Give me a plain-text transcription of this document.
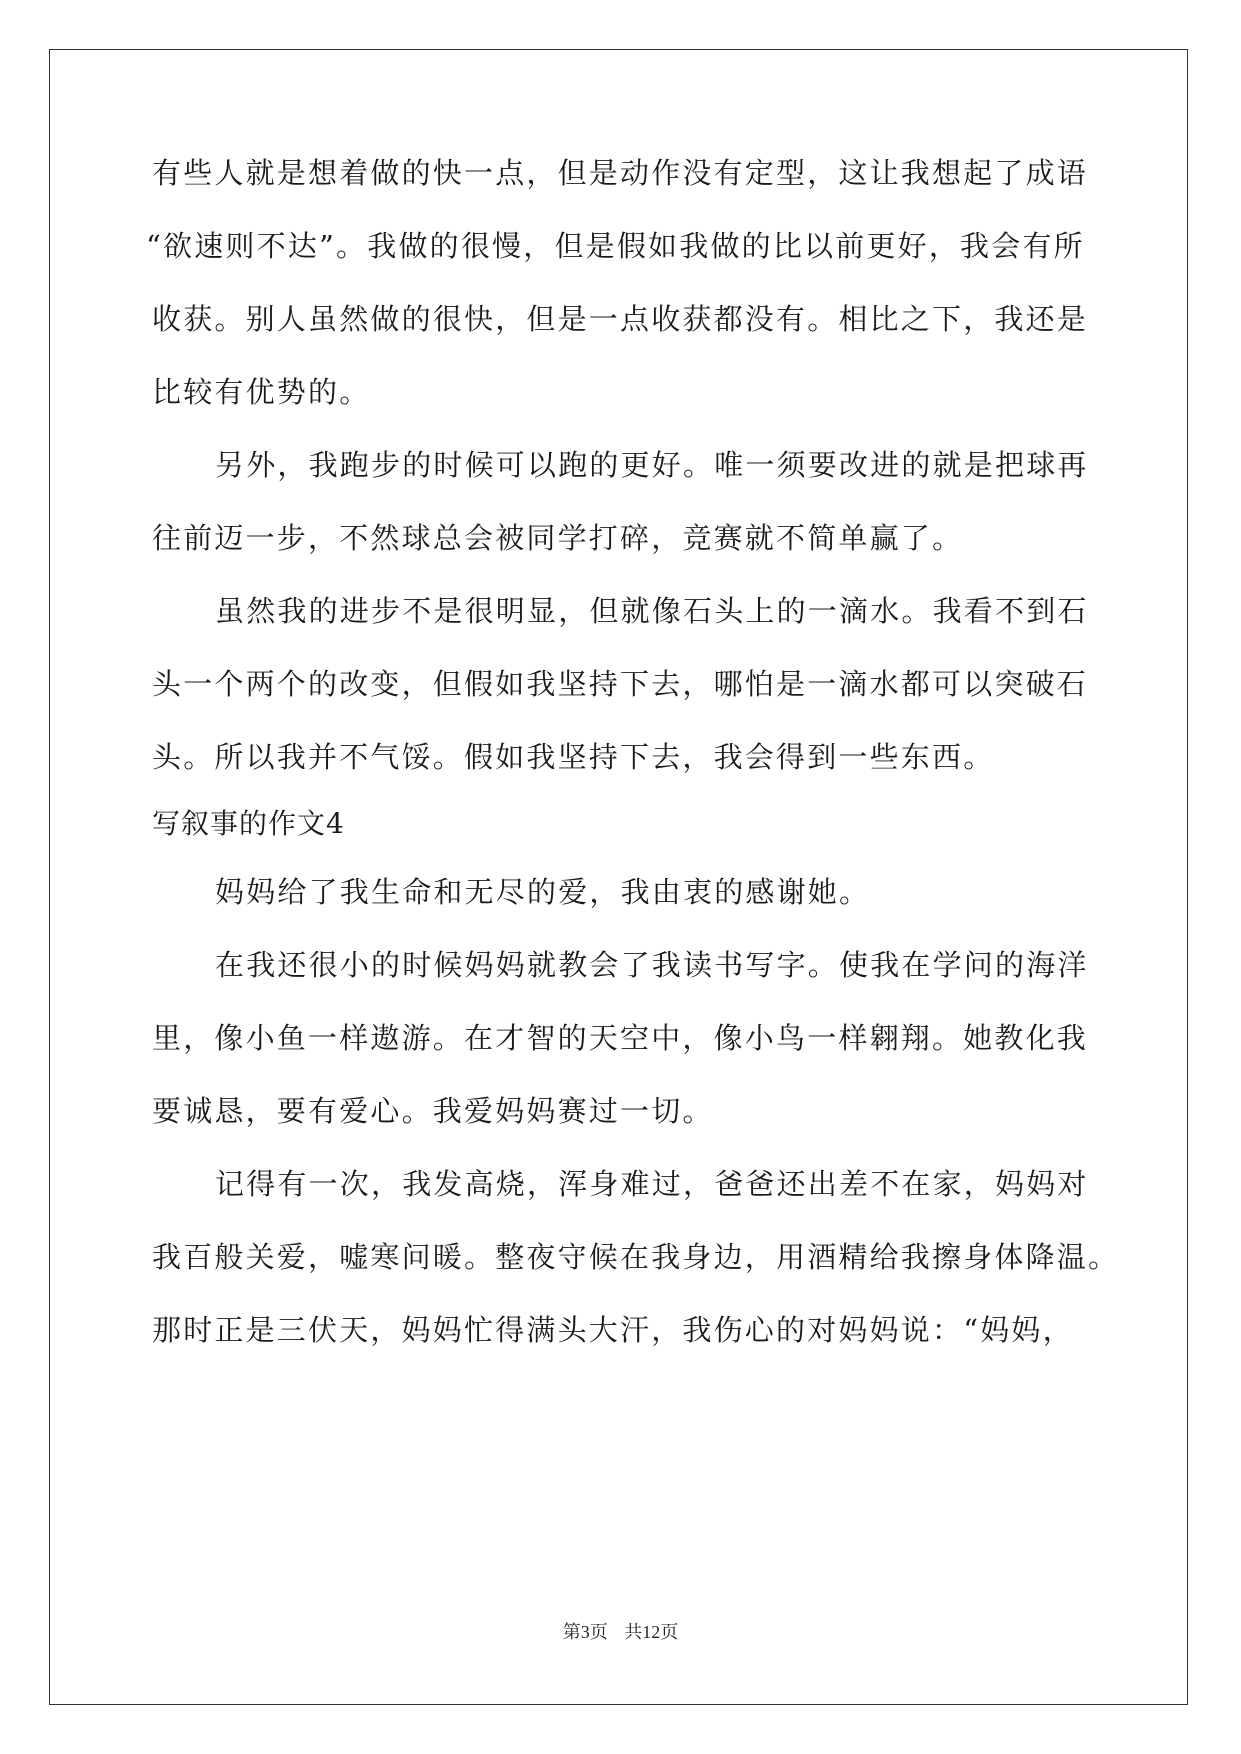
有些人就是想着做的快一点，但是动作没有定型，这让我想起了成语
“欲速则不达”。我做的很慢，但是假如我做的比以前更好，我会有所
收获。别人虽然做的很快，但是一点收获都没有。相比之下，我还是
比较有优势的。
另外，我跑步的时候可以跑的更好。唯一须要改进的就是把球再
往前迈一步，不然球总会被同学打碎，竞赛就不简单赢了。
虽然我的进步不是很明显，但就像石头上的一滴水。我看不到石
头一个两个的改变，但假如我坚持下去，哪怕是一滴水都可以突破石
头。所以我并不气馁。假如我坚持下去，我会得到一些东西。
写叙事的作文4
妈妈给了我生命和无尽的爱，我由衷的感谢她。
在我还很小的时候妈妈就教会了我读书写字。使我在学问的海洋
里，像小鱼一样遨游。在才智的天空中，像小鸟一样翱翔。她教化我
要诚恳，要有爱心。我爱妈妈赛过一切。
记得有一次，我发高烧，浑身难过，爸爸还出差不在家，妈妈对
我百般关爱，嘘寒问暖。整夜守候在我身边，用酒精给我擦身体降温。
那时正是三伏天，妈妈忙得满头大汗，我伤心的对妈妈说：“妈妈，
第3页 共12页
